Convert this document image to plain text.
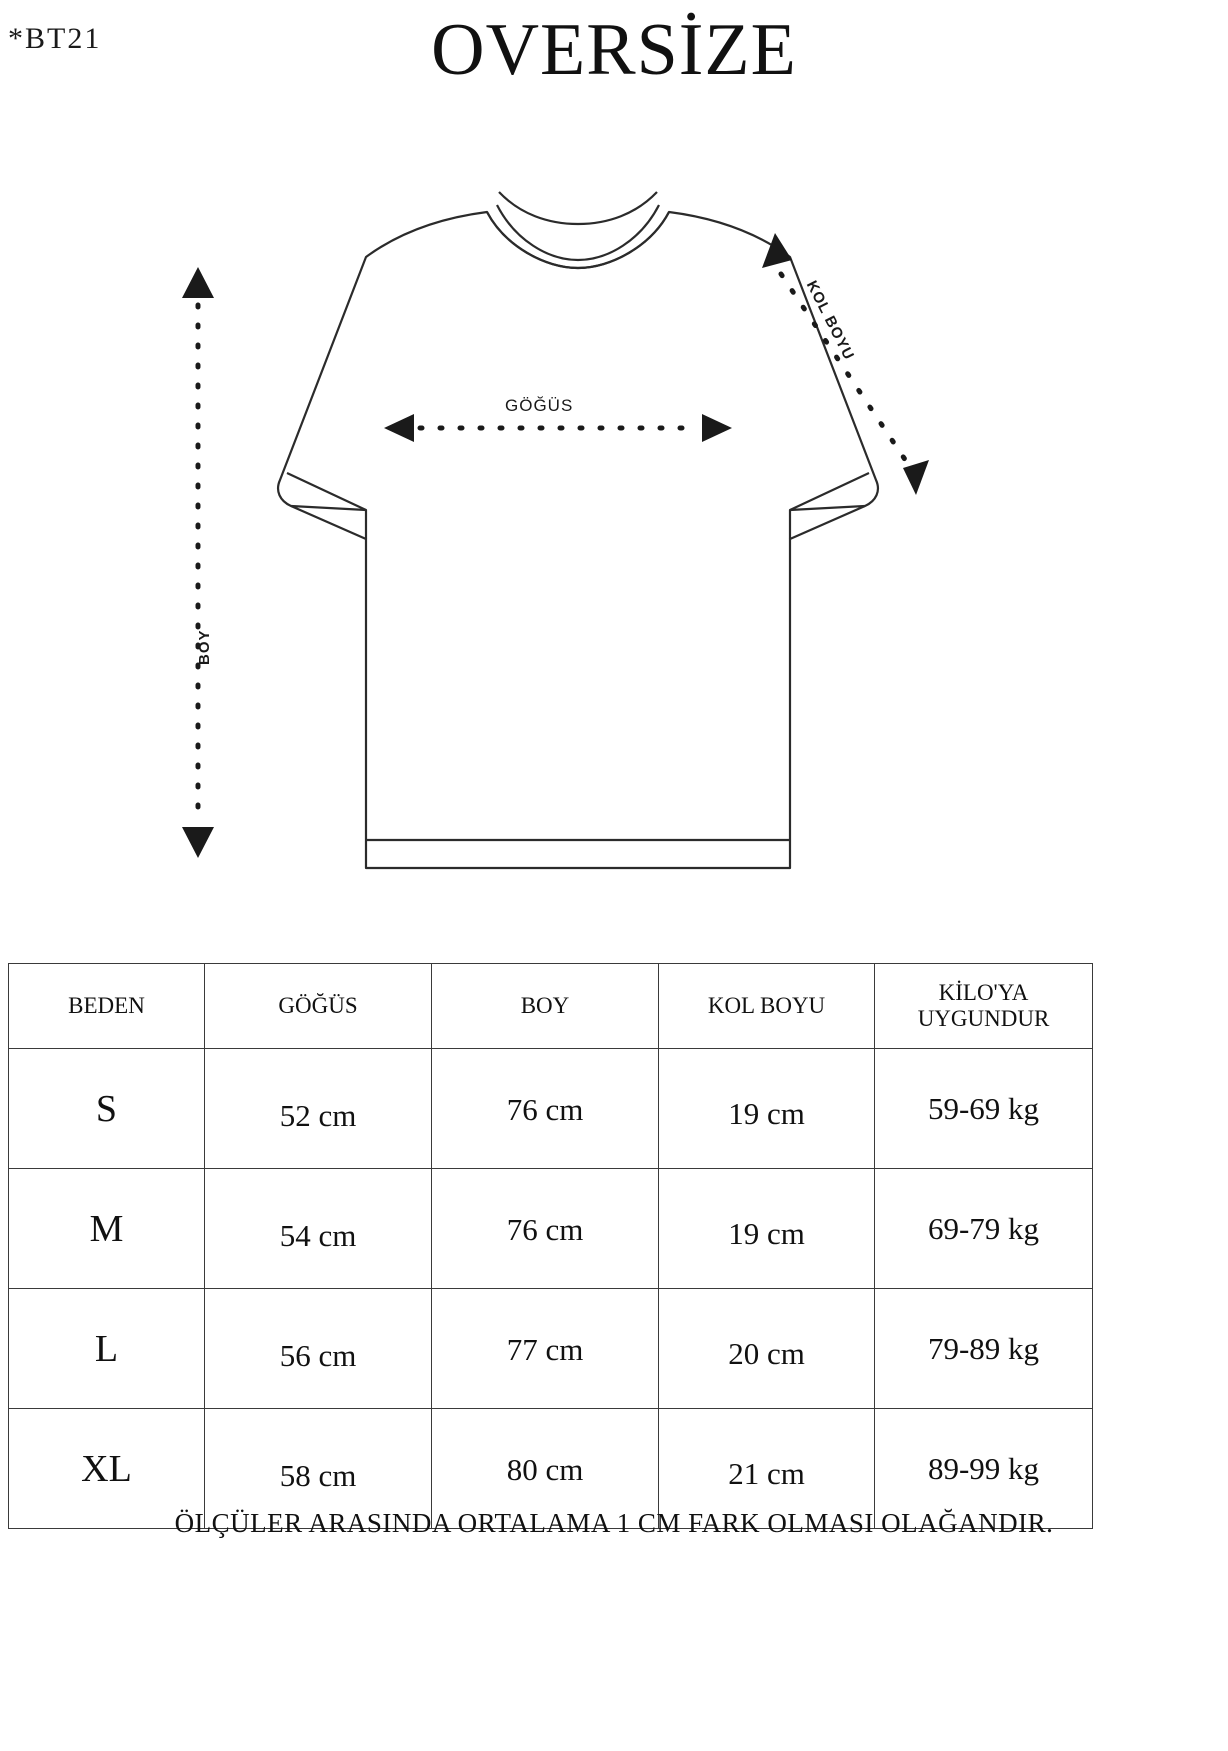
*BT21	OVERSİZE
GÖĞÜS
BOY
KOL BOYU
BEDEN	GÖĞÜS	BOY	KOL BOYU	KİLO'YA
UYGUNDUR

S	52 cm	76 cm	19 cm	59-69 kg
M	54 cm	76 cm	19 cm	69-79 kg
L	56 cm	77 cm	20 cm	79-89 kg
XL	58 cm	80 cm	21 cm	89-99 kg
ÖLÇÜLER ARASINDA ORTALAMA 1 CM FARK OLMASI OLAĞANDIR.
